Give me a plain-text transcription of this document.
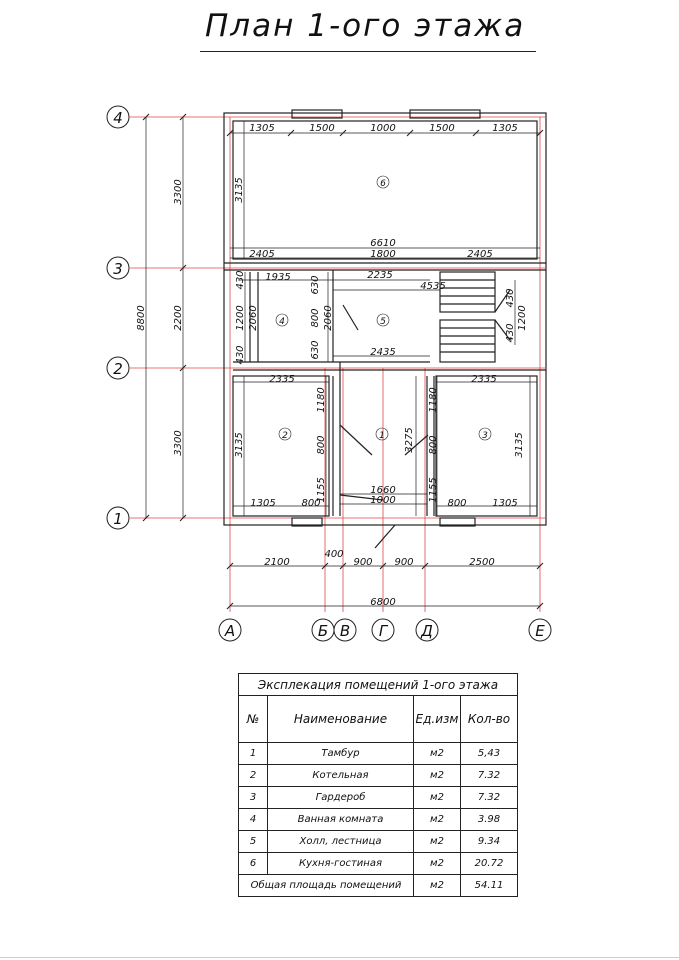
План 1-ого этажа
6
4	5
2	1	3
1305	1500	1000	1500	1305
6610
2405	1800	2405
1935	2235
4535
2435
2335	2335
1660
1000
1305	800	800	1305
2100
400
900 900	2500
6800
8800
3300
2200
3300
3135
430
1200 2060
430
630
800
630
2060
430
1200
430
3135	3135
1180	1180
800	800
3275
1155	1155
4
3
2
1
А	Б В Г Д	Е
Эксплекация помещений 1-ого этажа			
№	Наименование	Ед.изм	Кол-во
1	Тамбур	м2	5,43
2	Котельная	м2	7.32
3	Гардероб	м2	7.32
4	Ванная комната	м2	3.98
5	Холл, лестница	м2	9.34
6	Кухня-гостиная	м2	20.72
Общая площадь помещений		м2	54.11
